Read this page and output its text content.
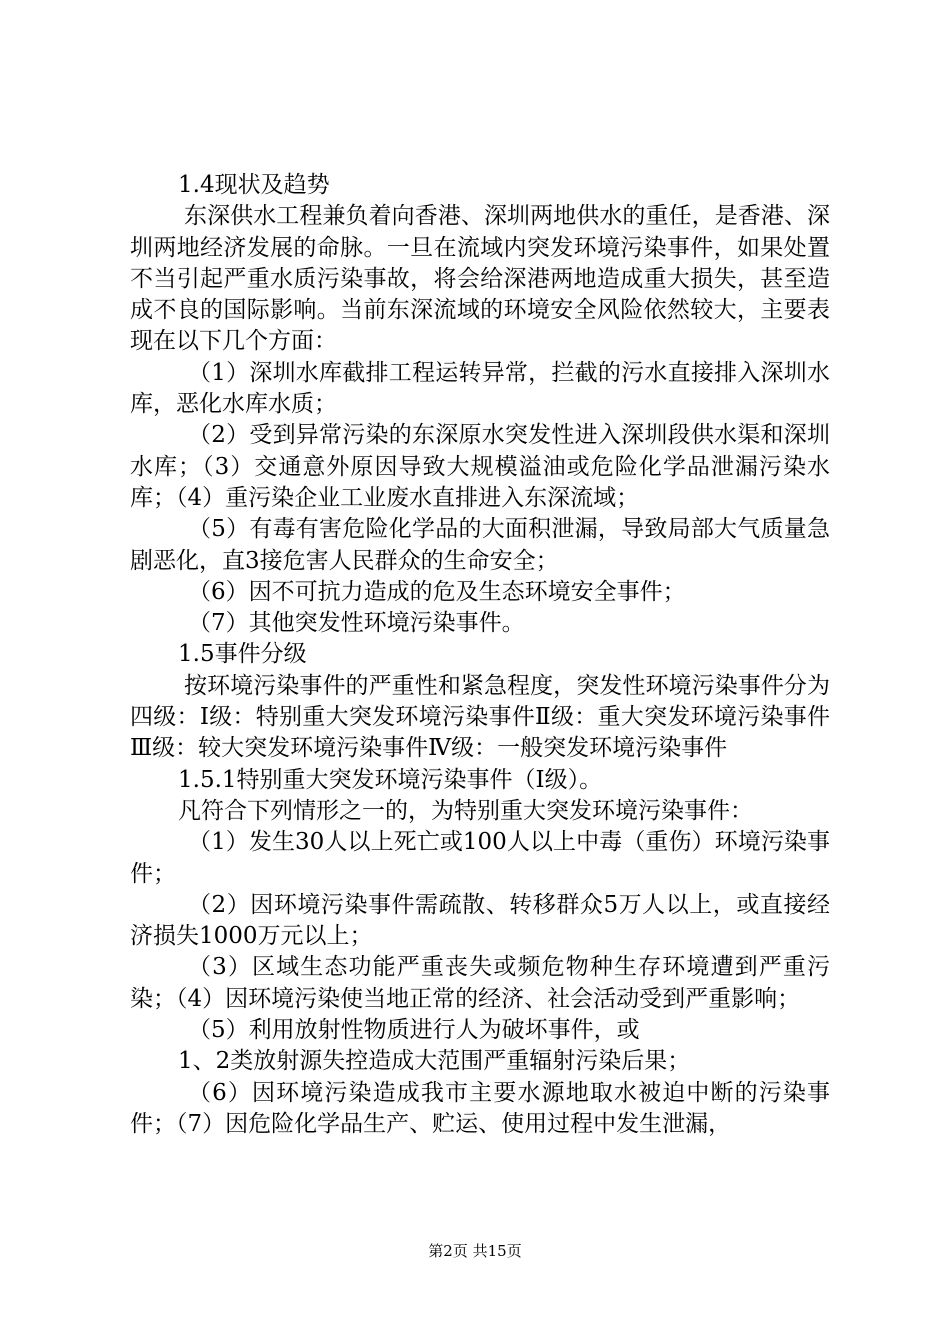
1.4现状及趋势

东深供水工程兼负着向香港、深圳两地供水的重任，是香港、深圳两地经济发展的命脉。一旦在流域内突发环境污染事件，如果处置不当引起严重水质污染事故，将会给深港两地造成重大损失，甚至造成不良的国际影响。当前东深流域的环境安全风险依然较大，主要表现在以下几个方面：

（1）深圳水库截排工程运转异常，拦截的污水直接排入深圳水库，恶化水库水质；

（2）受到异常污染的东深原水突发性进入深圳段供水渠和深圳水库；（3）交通意外原因导致大规模溢油或危险化学品泄漏污染水库；（4）重污染企业工业废水直排进入东深流域；

（5）有毒有害危险化学品的大面积泄漏，导致局部大气质量急剧恶化，直3接危害人民群众的生命安全；

（6）因不可抗力造成的危及生态环境安全事件；

（7）其他突发性环境污染事件。

1.5事件分级

按环境污染事件的严重性和紧急程度，突发性环境污染事件分为四级：Ⅰ级：特别重大突发环境污染事件Ⅱ级：重大突发环境污染事件Ⅲ级：较大突发环境污染事件Ⅳ级：一般突发环境污染事件

1.5.1特别重大突发环境污染事件（Ⅰ级）。

凡符合下列情形之一的，为特别重大突发环境污染事件：

（1）发生30人以上死亡或100人以上中毒（重伤）环境污染事件；

（2）因环境污染事件需疏散、转移群众5万人以上，或直接经济损失1000万元以上；

（3）区域生态功能严重丧失或频危物种生存环境遭到严重污染；（4）因环境污染使当地正常的经济、社会活动受到严重影响；

（5）利用放射性物质进行人为破坏事件，或

1、2类放射源失控造成大范围严重辐射污染后果；

（6）因环境污染造成我市主要水源地取水被迫中断的污染事件；（7）因危险化学品生产、贮运、使用过程中发生泄漏，

第2页 共15页
